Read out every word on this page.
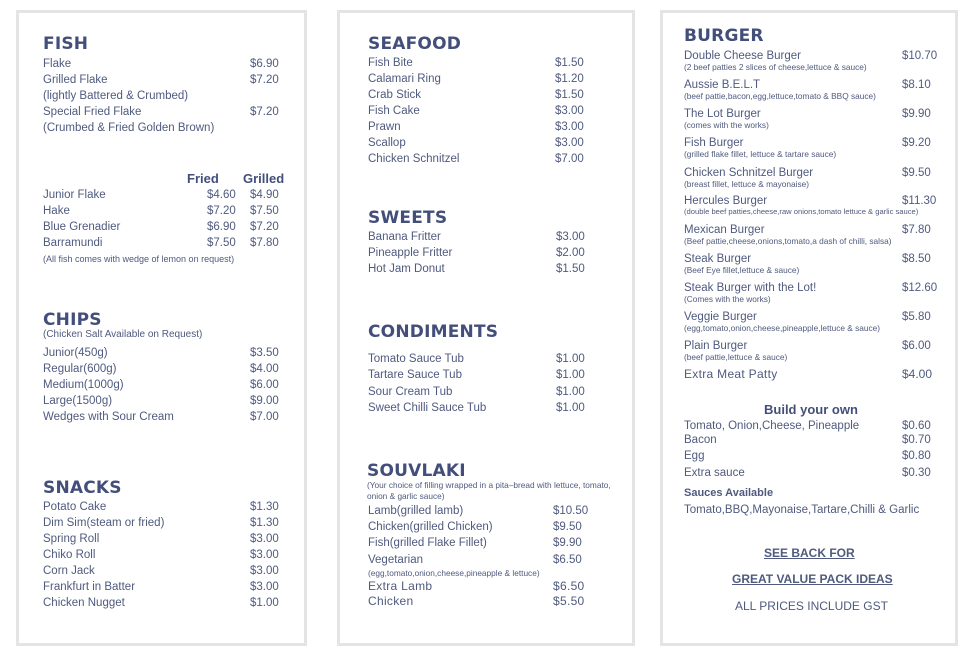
FISH
Flake	$6.90
Grilled Flake	$7.20
(lightly Battered & Crumbed)
Special Fried Flake	$7.20
(Crumbed & Fried Golden Brown)
Fried Grilled
Junior Flake	$4.60 $4.90
Hake	$7.20 $7.50
Blue Grenadier	$6.90 $7.20
Barramundi	$7.50 $7.80
(All fish comes with wedge of lemon on request)
CHIPS
(Chicken Salt Available on Request)
Junior(450g)	$3.50
Regular(600g)	$4.00
Medium(1000g)	$6.00
Large(1500g)	$9.00
Wedges with Sour Cream	$7.00
SNACKS
Potato Cake	$1.30
Dim Sim(steam or fried)	$1.30
Spring Roll	$3.00
Chiko Roll	$3.00
Corn Jack	$3.00
Frankfurt in Batter	$3.00
Chicken Nugget	$1.00
SEAFOOD
Fish Bite	$1.50
Calamari Ring	$1.20
Crab Stick	$1.50
Fish Cake	$3.00
Prawn	$3.00
Scallop	$3.00
Chicken Schnitzel	$7.00
SWEETS
Banana Fritter	$3.00
Pineapple Fritter	$2.00
Hot Jam Donut	$1.50
CONDIMENTS
Tomato Sauce Tub	$1.00
Tartare Sauce Tub	$1.00
Sour Cream Tub	$1.00
Sweet Chilli Sauce Tub	$1.00
SOUVLAKI
(Your choice of filling wrapped in a pita–bread with lettuce, tomato, onion & garlic sauce)
Lamb(grilled lamb)	$10.50
Chicken(grilled Chicken)	$9.50
Fish(grilled Flake Fillet)	$9.90
Vegetarian	$6.50
(egg,tomato,onion,cheese,pineapple & lettuce)
Extra Lamb	$6.50
Chicken	$5.50
BURGER
Double Cheese Burger	$10.70
(2 beef patties 2 slices of cheese,lettuce & sauce)
Aussie B.E.L.T	$8.10
(beef pattie,bacon,egg,lettuce,tomato & BBQ sauce)
The Lot Burger	$9.90
(comes with the works)
Fish Burger	$9.20
(grilled flake fillet, lettuce & tartare sauce)
Chicken Schnitzel Burger	$9.50
(breast fillet, lettuce & mayonaise)
Hercules Burger	$11.30
(double beef patties,cheese,raw onions,tomato lettuce & garlic sauce)
Mexican Burger	$7.80
(Beef pattie,cheese,onions,tomato,a dash of chilli, salsa)
Steak Burger	$8.50
(Beef Eye fillet,lettuce & sauce)
Steak Burger with the Lot!	$12.60
(Comes with the works)
Veggie Burger	$5.80
(egg,tomato,onion,cheese,pineapple,lettuce & sauce)
Plain Burger	$6.00
(beef pattie,lettuce & sauce)
Extra Meat Patty	$4.00
Build your own
Tomato, Onion,Cheese, Pineapple	$0.60
Bacon	$0.70
Egg	$0.80
Extra sauce	$0.30
Sauces Available
Tomato,BBQ,Mayonaise,Tartare,Chilli & Garlic
SEE BACK FOR
GREAT VALUE PACK IDEAS
ALL PRICES INCLUDE GST
